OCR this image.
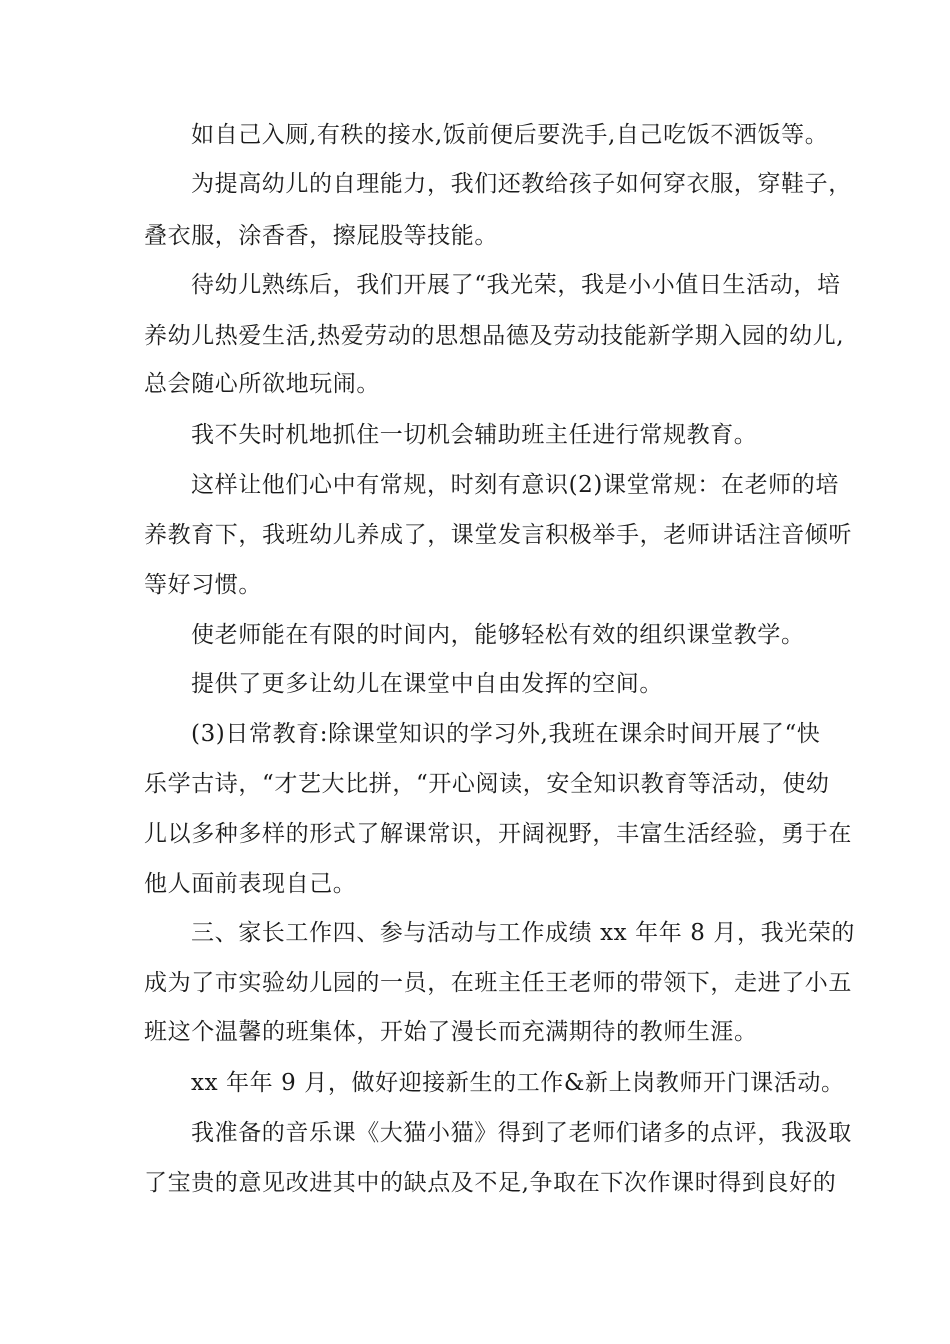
如自己入厕,有秩的接水,饭前便后要洗手,自己吃饭不洒饭等。
为提高幼儿的自理能力，我们还教给孩子如何穿衣服，穿鞋子，
叠衣服，涂香香，擦屁股等技能。
待幼儿熟练后，我们开展了“我光荣，我是小小值日生活动，培
养幼儿热爱生活,热爱劳动的思想品德及劳动技能新学期入园的幼儿,
总会随心所欲地玩闹。
我不失时机地抓住一切机会辅助班主任进行常规教育。
这样让他们心中有常规，时刻有意识(2)课堂常规：在老师的培
养教育下，我班幼儿养成了，课堂发言积极举手，老师讲话注音倾听
等好习惯。
使老师能在有限的时间内，能够轻松有效的组织课堂教学。
提供了更多让幼儿在课堂中自由发挥的空间。
(3)日常教育:除课堂知识的学习外,我班在课余时间开展了“快
乐学古诗，“才艺大比拼，“开心阅读，安全知识教育等活动，使幼
儿以多种多样的形式了解课常识，开阔视野，丰富生活经验，勇于在
他人面前表现自己。
三、家长工作四、参与活动与工作成绩 xx 年年 8 月，我光荣的
成为了市实验幼儿园的一员，在班主任王老师的带领下，走进了小五
班这个温馨的班集体，开始了漫长而充满期待的教师生涯。
xx 年年 9 月，做好迎接新生的工作&新上岗教师开门课活动。
我准备的音乐课《大猫小猫》得到了老师们诸多的点评，我汲取
了宝贵的意见改进其中的缺点及不足,争取在下次作课时得到良好的
